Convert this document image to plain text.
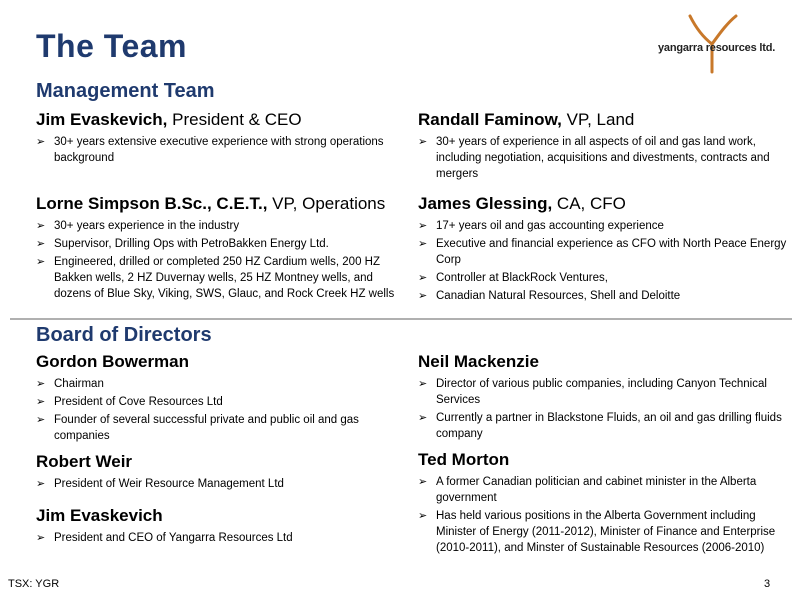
The Team	yangarra resources ltd.
Management Team
Jim Evaskevich, President & CEO
➢ 30+ years extensive executive experience with strong operations background
Randall Faminow, VP, Land
➢ 30+ years of experience in all aspects of oil and gas land work, including negotiation, acquisitions and divestments, contracts and mergers
Lorne Simpson B.Sc., C.E.T., VP, Operations
➢ 30+ years experience in the industry
➢ Supervisor, Drilling Ops with PetroBakken Energy Ltd.
➢ Engineered, drilled or completed 250 HZ Cardium wells, 200 HZ Bakken wells, 2 HZ Duvernay wells, 25 HZ Montney wells, and dozens of Blue Sky, Viking, SWS, Glauc, and Rock Creek HZ wells
James Glessing, CA, CFO
➢ 17+ years oil and gas accounting experience
➢ Executive and financial experience as CFO with North Peace Energy Corp
➢ Controller at BlackRock Ventures,
➢ Canadian Natural Resources, Shell and Deloitte
Board of Directors
Gordon Bowerman
➢ Chairman
➢ President of Cove Resources Ltd
➢ Founder of several successful private and public oil and gas companies
Neil Mackenzie
➢ Director of various public companies, including Canyon Technical Services
➢ Currently a partner in Blackstone Fluids, an oil and gas drilling fluids company
Robert Weir
➢ President of Weir Resource Management Ltd
Ted Morton
➢ A former Canadian politician and cabinet minister in the Alberta government
➢ Has held various positions in the Alberta Government including Minister of Energy (2011-2012), Minister of Finance and Enterprise (2010-2011), and Minster of Sustainable Resources (2006-2010)
Jim Evaskevich
➢ President and CEO of Yangarra Resources Ltd
TSX: YGR	3
